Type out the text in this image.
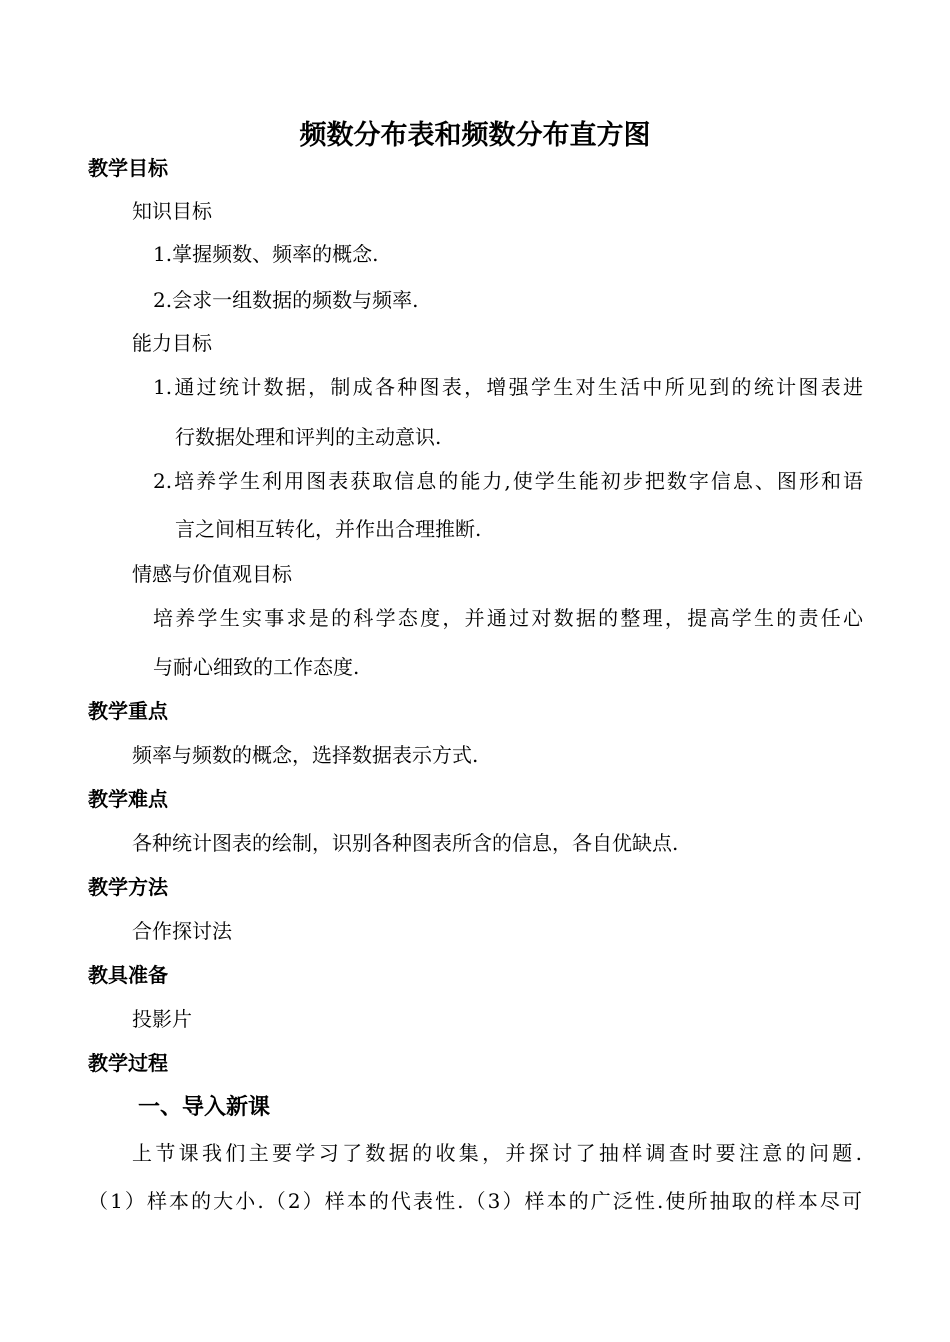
频数分布表和频数分布直方图
教学目标
知识目标
1.掌握频数、频率的概念.
2.会求一组数据的频数与频率.
能力目标
1.通过统计数据，制成各种图表，增强学生对生活中所见到的统计图表进
行数据处理和评判的主动意识.
2.培养学生利用图表获取信息的能力,使学生能初步把数字信息、图形和语
言之间相互转化，并作出合理推断.
情感与价值观目标
培养学生实事求是的科学态度，并通过对数据的整理，提高学生的责任心
与耐心细致的工作态度.
教学重点
频率与频数的概念，选择数据表示方式.
教学难点
各种统计图表的绘制，识别各种图表所含的信息，各自优缺点.
教学方法
合作探讨法
教具准备
投影片
教学过程
一、导入新课
上节课我们主要学习了数据的收集，并探讨了抽样调查时要注意的问题.
（1）样本的大小.（2）样本的代表性.（3）样本的广泛性.使所抽取的样本尽可
